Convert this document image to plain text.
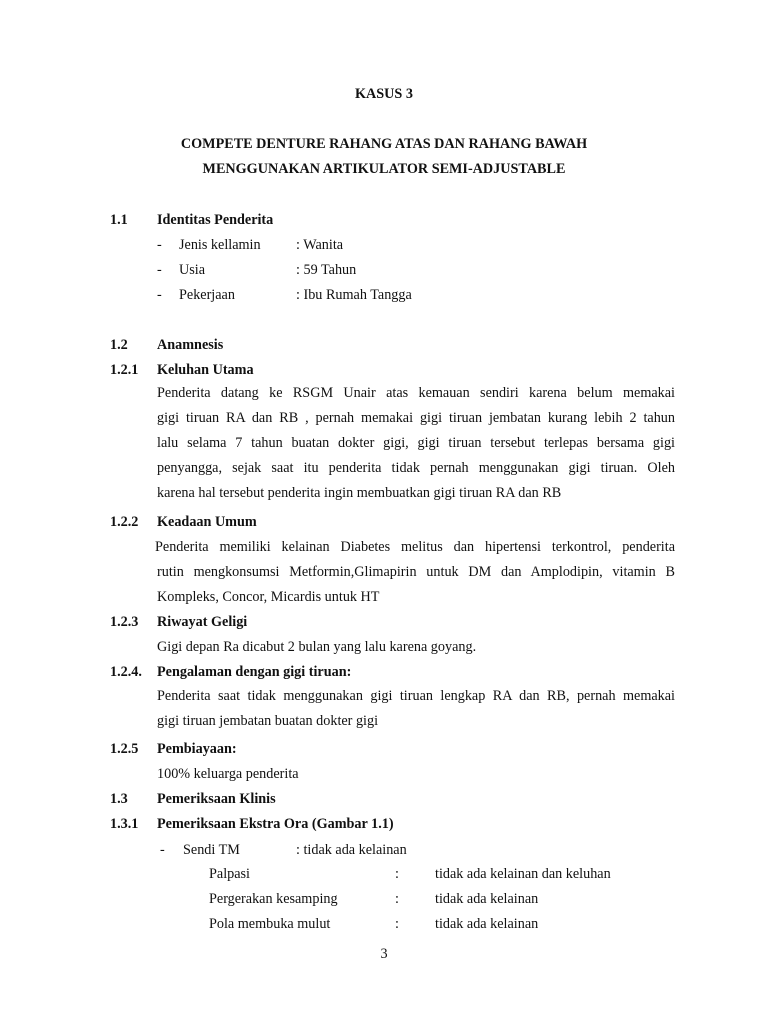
KASUS 3
COMPETE DENTURE RAHANG ATAS DAN RAHANG BAWAH
MENGGUNAKAN ARTIKULATOR SEMI-ADJUSTABLE
1.1 Identitas Penderita
- Jenis kellamin : Wanita
- Usia	: 59 Tahun
- Pekerjaan	: Ibu Rumah Tangga
1.2 Anamnesis
1.2.1 Keluhan Utama
Penderita datang ke RSGM Unair atas kemauan sendiri karena belum memakai
gigi tiruan RA dan RB , pernah memakai gigi tiruan jembatan kurang lebih 2 tahun
lalu selama 7 tahun buatan dokter gigi, gigi tiruan tersebut terlepas bersama gigi
penyangga, sejak saat itu penderita tidak pernah menggunakan gigi tiruan. Oleh
karena hal tersebut penderita ingin membuatkan gigi tiruan RA dan RB
1.2.2 Keadaan Umum
Penderita memiliki kelainan Diabetes melitus dan hipertensi terkontrol, penderita
rutin mengkonsumsi Metformin,Glimapirin untuk DM dan Amplodipin, vitamin B
Kompleks, Concor, Micardis untuk HT
1.2.3 Riwayat Geligi
Gigi depan Ra dicabut 2 bulan yang lalu karena goyang.
1.2.4. Pengalaman dengan gigi tiruan:
Penderita saat tidak menggunakan gigi tiruan lengkap RA dan RB, pernah memakai
gigi tiruan jembatan buatan dokter gigi
1.2.5 Pembiayaan:
100% keluarga penderita
1.3 Pemeriksaan Klinis
1.3.1 Pemeriksaan Ekstra Ora (Gambar 1.1)
- Sendi TM	: tidak ada kelainan
Palpasi	:	tidak ada kelainan dan keluhan
Pergerakan kesamping	:	tidak ada kelainan
Pola membuka mulut	:	tidak ada kelainan
3
